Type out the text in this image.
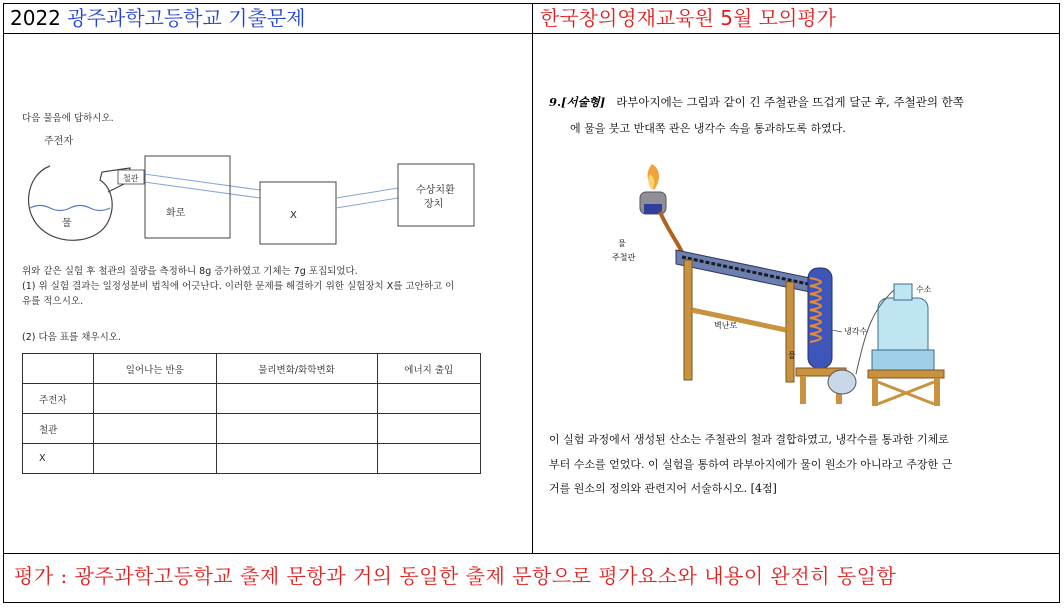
2022 광주과학고등학교 기출문제	한국창의영재교육원 5월 모의평가
다음 물음에 답하시오.
주전자
물
철관
화로	X
수상치환
장치
위와 같은 실험 후 철관의 질량을 측정하니 8g 증가하였고 기체는 7g 포집되었다.
(1) 위 실험 결과는 일정성분비 법칙에 어긋난다. 이러한 문제를 해결하기 위한 실험장치 X를 고안하고 이
유를 적으시오.
(2) 다음 표를 채우시오.
	일어나는 반응	물리변화/화학변화	에너지 출입
주전자			
철관			
X			
9.[서술형] 라부아지에는 그림과 같이 긴 주철관을 뜨겁게 달군 후, 주철관의 한쪽
에 물을 붓고 반대쪽 관은 냉각수 속을 통과하도록 하였다.
물
주철관
벽난로
냉각수
물
수소
이 실험 과정에서 생성된 산소는 주철관의 철과 결합하였고, 냉각수를 통과한 기체로
부터 수소를 얻었다. 이 실험을 통하여 라부아지에가 물이 원소가 아니라고 주장한 근
거를 원소의 정의와 관련지어 서술하시오. [4점]
평가 : 광주과학고등학교 출제 문항과 거의 동일한 출제 문항으로 평가요소와 내용이 완전히 동일함
